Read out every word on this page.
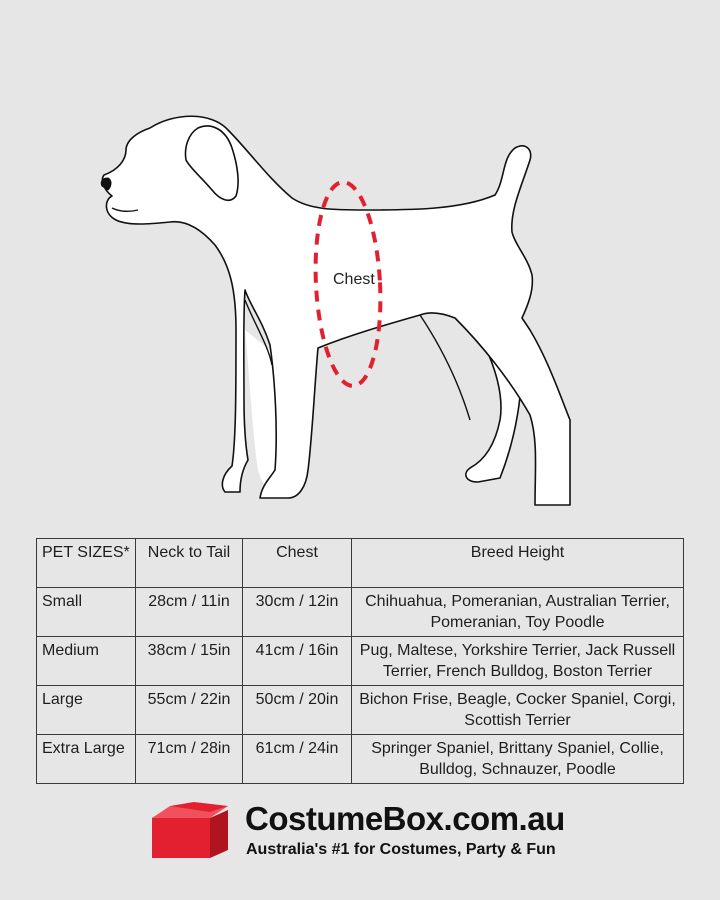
Chest
PET SIZES*	Neck to Tail	Chest	Breed Height
Small	28cm / 11in	30cm / 12in	Chihuahua, Pomeranian, Australian Terrier, Pomeranian, Toy Poodle
Medium	38cm / 15in	41cm / 16in	Pug, Maltese, Yorkshire Terrier, Jack Russell Terrier, French Bulldog, Boston Terrier
Large	55cm / 22in	50cm / 20in	Bichon Frise, Beagle, Cocker Spaniel, Corgi, Scottish Terrier
Extra Large	71cm / 28in	61cm / 24in	Springer Spaniel, Brittany Spaniel, Collie, Bulldog, Schnauzer, Poodle
CostumeBox.com.au
Australia's #1 for Costumes, Party & Fun
